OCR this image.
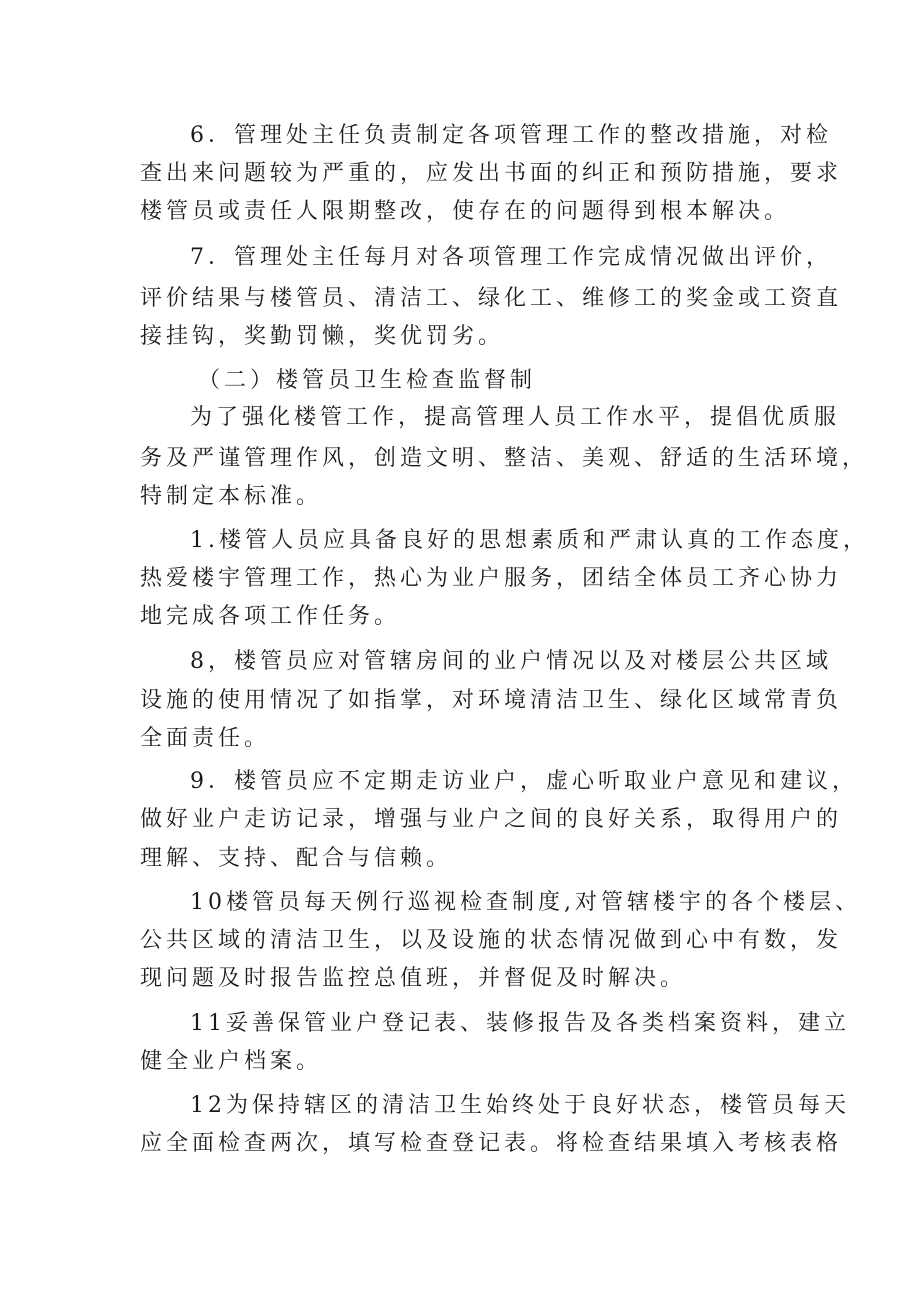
6．管理处主任负责制定各项管理工作的整改措施，对检
查出来问题较为严重的，应发出书面的纠正和预防措施，要求
楼管员或责任人限期整改，使存在的问题得到根本解决。
7．管理处主任每月对各项管理工作完成情况做出评价，
评价结果与楼管员、清洁工、绿化工、维修工的奖金或工资直
接挂钩，奖勤罚懒，奖优罚劣。
（二）楼管员卫生检查监督制
为了强化楼管工作，提高管理人员工作水平，提倡优质服
务及严谨管理作风，创造文明、整洁、美观、舒适的生活环境，
特制定本标准。
1.楼管人员应具备良好的思想素质和严肃认真的工作态度，
热爱楼宇管理工作，热心为业户服务，团结全体员工齐心协力
地完成各项工作任务。
8，楼管员应对管辖房间的业户情况以及对楼层公共区域
设施的使用情况了如指掌，对环境清洁卫生、绿化区域常青负
全面责任。
9．楼管员应不定期走访业户，虚心听取业户意见和建议，
做好业户走访记录，增强与业户之间的良好关系，取得用户的
理解、支持、配合与信赖。
10楼管员每天例行巡视检查制度,对管辖楼宇的各个楼层、
公共区域的清洁卫生，以及设施的状态情况做到心中有数，发
现问题及时报告监控总值班，并督促及时解决。
11妥善保管业户登记表、装修报告及各类档案资料，建立
健全业户档案。
12为保持辖区的清洁卫生始终处于良好状态，楼管员每天
应全面检查两次，填写检查登记表。将检查结果填入考核表格
